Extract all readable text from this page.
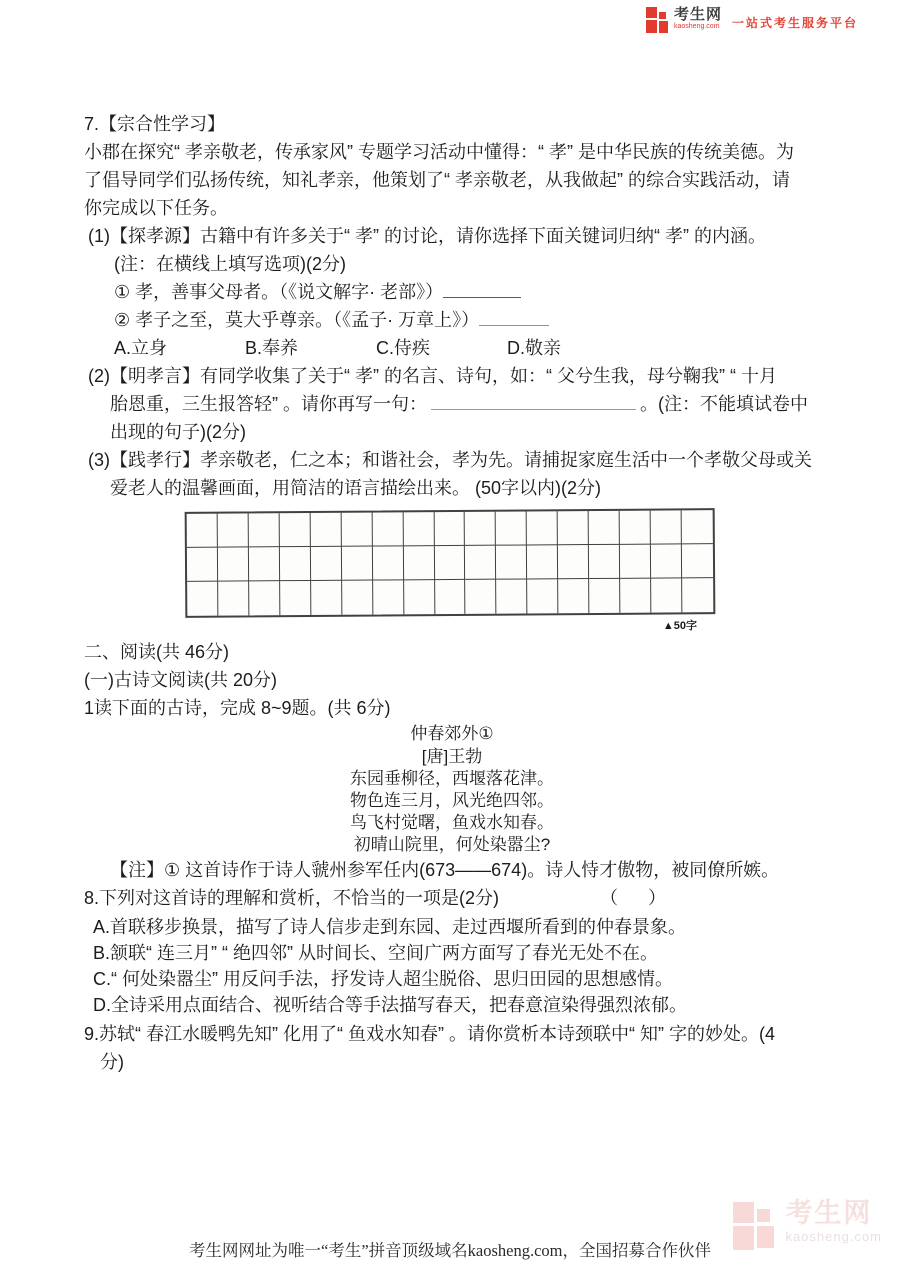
考生网
kaosheng.com 一站式考生服务平台
7.【宗合性学习】
小郡在探究“ 孝亲敬老，传承家风” 专题学习活动中懂得：“ 孝” 是中华民族的传统美德。为
了倡导同学们弘扬传统，知礼孝亲，他策划了“ 孝亲敬老，从我做起” 的综合实践活动，请
你完成以下任务。
(1)【探孝源】古籍中有许多关于“ 孝” 的讨论，请你选择下面关键词归纳“ 孝” 的内涵。
(注：在横线上填写选项)(2分)
① 孝，善事父母者。（《说文解字· 老部》）
② 孝子之至，莫大乎尊亲。（《孟子· 万章上》）
A.立身	B.奉养	C.侍疾	D.敬亲
(2)【明孝言】有同学收集了关于“ 孝” 的名言、诗句，如：“ 父兮生我，母兮鞠我” “ 十月
胎恩重，三生报答轻” 。请你再写一句：	。(注：不能填试卷中
出现的句子)(2分)
(3)【践孝行】孝亲敬老，仁之本；和谐社会，孝为先。请捕捉家庭生活中一个孝敬父母或关
爱老人的温馨画面，用简洁的语言描绘出来。 (50字以内)(2分)
▲50字
二、阅读(共 46分)
(一)古诗文阅读(共 20分)
1读下面的古诗，完成 8~9题。(共 6分)
仲春郊外①
[唐]王勃
东园垂柳径，西堰落花津。
物色连三月，风光绝四邻。
鸟飞村觉曙，鱼戏水知春。
初晴山院里，何处染嚣尘?
【注】① 这首诗作于诗人虢州参军任内(673——674)。诗人恃才傲物，被同僚所嫉。
8.下列对这首诗的理解和赏析，不恰当的一项是(2分)	（　）
A.首联移步换景，描写了诗人信步走到东园、走过西堰所看到的仲春景象。
B.颔联“ 连三月” “ 绝四邻” 从时间长、空间广两方面写了春光无处不在。
C.“ 何处染嚣尘” 用反问手法，抒发诗人超尘脱俗、思归田园的思想感情。
D.全诗采用点面结合、视听结合等手法描写春天，把春意渲染得强烈浓郁。
9.苏轼“ 春江水暖鸭先知” 化用了“ 鱼戏水知春” 。请你赏析本诗颈联中“ 知” 字的妙处。(4
分)
考生网
kaosheng.com
考生网网址为唯一“考生”拼音顶级域名kaosheng.com，全国招募合作伙伴
